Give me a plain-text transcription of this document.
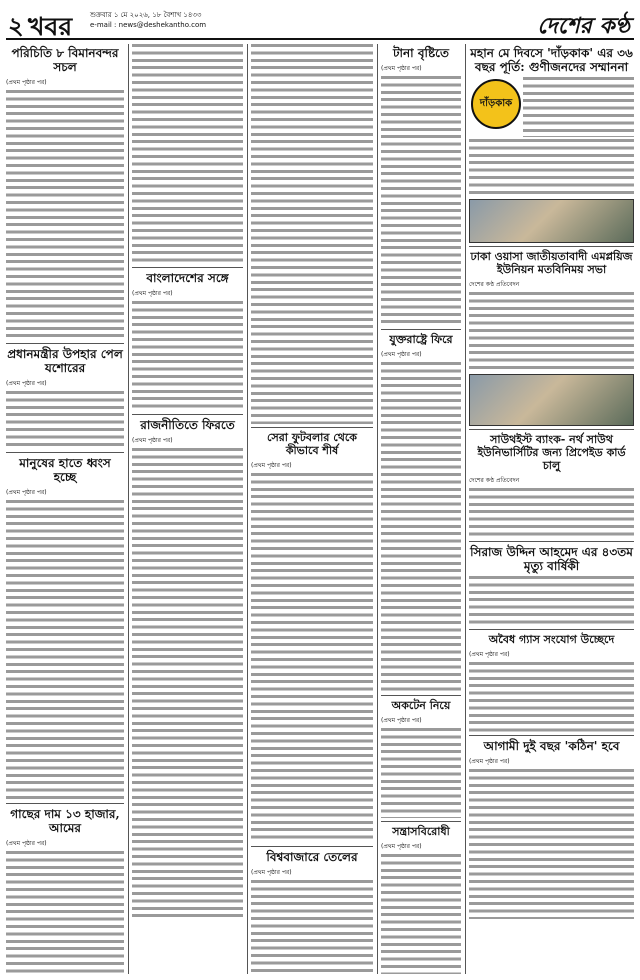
২ খবর	শুক্রবার ১ মে ২০২৬, ১৮ বৈশাখ ১৪৩৩
e-mail : news@deshekantho.com	দেশের কণ্ঠ
পরিচিতি ৮ বিমানবন্দর সচল
(প্রথম পৃষ্ঠার পর)
প্রধানমন্ত্রীর উপহার পেল যশোরের
(প্রথম পৃষ্ঠার পর)
মানুষের হাতে ধ্বংস হচ্ছে
(প্রথম পৃষ্ঠার পর)
গাছের দাম ১৩ হাজার, আমের
(প্রথম পৃষ্ঠার পর)
বাংলাদেশের সঙ্গে
(প্রথম পৃষ্ঠার পর)
রাজনীতিতে ফিরতে
(প্রথম পৃষ্ঠার পর)	সেরা ফুটবলার থেকে কীভাবে শীর্ষ
(প্রথম পৃষ্ঠার পর)
বিশ্ববাজারে তেলের
(প্রথম পৃষ্ঠার পর)
টানা বৃষ্টিতে
(প্রথম পৃষ্ঠার পর)
যুক্তরাষ্ট্রে ফিরে
(প্রথম পৃষ্ঠার পর)
অকটেন নিয়ে
(প্রথম পৃষ্ঠার পর)
সন্ত্রাসবিরোধী
(প্রথম পৃষ্ঠার পর)
মহান মে দিবসে 'দাঁড়কাক' এর ৩৬ বছর পূর্তি: গুণীজনদের সম্মাননা
দাঁড়কাক
ঢাকা ওয়াসা জাতীয়তাবাদী এমপ্লয়িজ ইউনিয়ন মতবিনিময় সভা
দেশের কণ্ঠ প্রতিবেদন
সাউথইস্ট ব্যাংক- নর্থ সাউথ ইউনিভার্সিটির জন্য প্রিপেইড কার্ড চালু
দেশের কণ্ঠ প্রতিবেদন
সিরাজ উদ্দিন আহমেদ এর ৪৩তম মৃত্যু বার্ষিকী
অবৈধ গ্যাস সংযোগ উচ্ছেদে
(প্রথম পৃষ্ঠার পর)
আগামী দুই বছর 'কঠিন' হবে
(প্রথম পৃষ্ঠার পর)
